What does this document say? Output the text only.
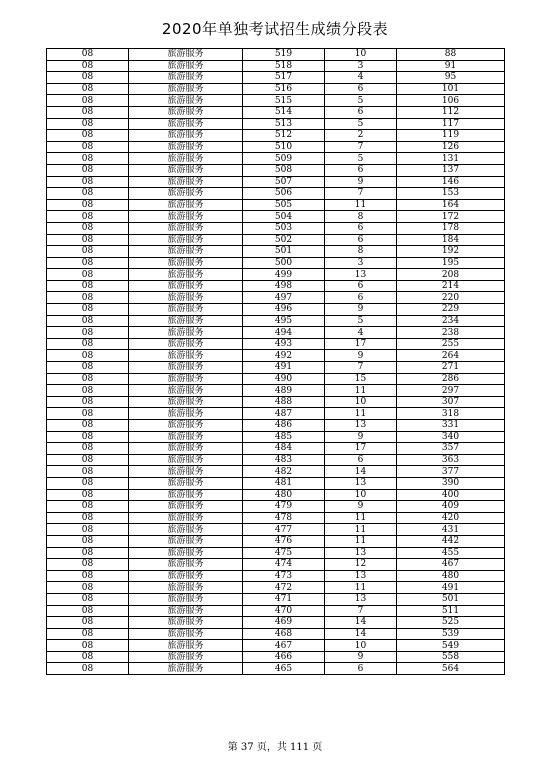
2020年单独考试招生成绩分段表
08	旅游服务	519	10	88
08	旅游服务	518	3	91
08	旅游服务	517	4	95
08	旅游服务	516	6	101
08	旅游服务	515	5	106
08	旅游服务	514	6	112
08	旅游服务	513	5	117
08	旅游服务	512	2	119
08	旅游服务	510	7	126
08	旅游服务	509	5	131
08	旅游服务	508	6	137
08	旅游服务	507	9	146
08	旅游服务	506	7	153
08	旅游服务	505	11	164
08	旅游服务	504	8	172
08	旅游服务	503	6	178
08	旅游服务	502	6	184
08	旅游服务	501	8	192
08	旅游服务	500	3	195
08	旅游服务	499	13	208
08	旅游服务	498	6	214
08	旅游服务	497	6	220
08	旅游服务	496	9	229
08	旅游服务	495	5	234
08	旅游服务	494	4	238
08	旅游服务	493	17	255
08	旅游服务	492	9	264
08	旅游服务	491	7	271
08	旅游服务	490	15	286
08	旅游服务	489	11	297
08	旅游服务	488	10	307
08	旅游服务	487	11	318
08	旅游服务	486	13	331
08	旅游服务	485	9	340
08	旅游服务	484	17	357
08	旅游服务	483	6	363
08	旅游服务	482	14	377
08	旅游服务	481	13	390
08	旅游服务	480	10	400
08	旅游服务	479	9	409
08	旅游服务	478	11	420
08	旅游服务	477	11	431
08	旅游服务	476	11	442
08	旅游服务	475	13	455
08	旅游服务	474	12	467
08	旅游服务	473	13	480
08	旅游服务	472	11	491
08	旅游服务	471	13	501
08	旅游服务	470	7	511
08	旅游服务	469	14	525
08	旅游服务	468	14	539
08	旅游服务	467	10	549
08	旅游服务	466	9	558
08	旅游服务	465	6	564
第 37 页，共 111 页
